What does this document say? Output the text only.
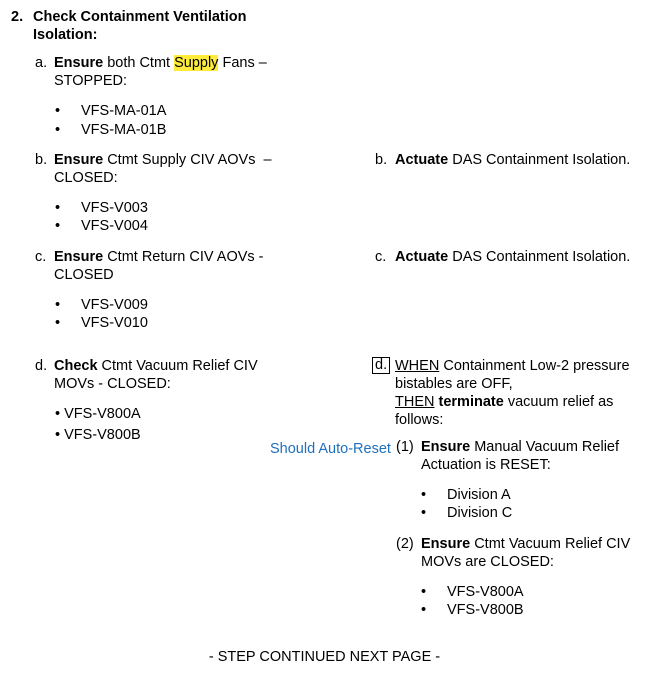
2. Check Containment Ventilation
Isolation:
a. Ensure both Ctmt Supply Fans –
STOPPED:
• VFS-MA-01A
• VFS-MA-01B
b. Ensure Ctmt Supply CIV AOVs  –
CLOSED:
• VFS-V003
• VFS-V004
b. Actuate DAS Containment Isolation.
c. Ensure Ctmt Return CIV AOVs -
CLOSED
• VFS-V009
• VFS-V010
c. Actuate DAS Containment Isolation.
d. Check Ctmt Vacuum Relief CIV
MOVs - CLOSED:
• VFS-V800A
• VFS-V800B
d. WHEN Containment Low-2 pressure
bistables are OFF,
THEN terminate vacuum relief as
follows:
Should Auto-Reset (1) Ensure Manual Vacuum Relief
Actuation is RESET:
• Division A
• Division C
(2) Ensure Ctmt Vacuum Relief CIV
MOVs are CLOSED:
• VFS-V800A
• VFS-V800B
- STEP CONTINUED NEXT PAGE -
